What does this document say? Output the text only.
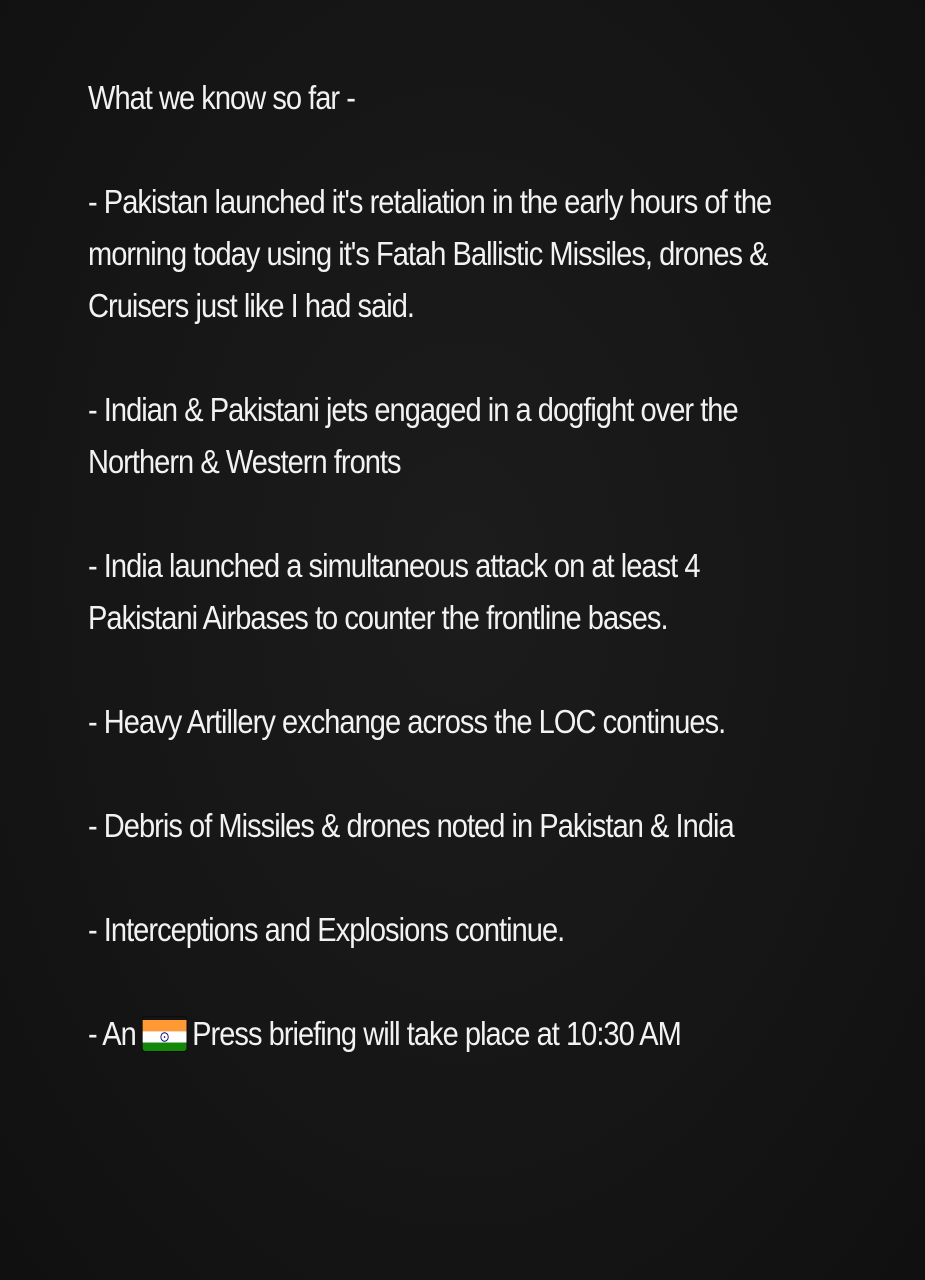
What we know so far -

- Pakistan launched it's retaliation in the early hours of the morning today using it's Fatah Ballistic Missiles, drones & Cruisers just like I had said.

- Indian & Pakistani jets engaged in a dogfight over the Northern & Western fronts

- India launched a simultaneous attack on at least 4 Pakistani Airbases to counter the frontline bases.

- Heavy Artillery exchange across the LOC continues.

- Debris of Missiles & drones noted in Pakistan & India

- Interceptions and Explosions continue.

- An Press briefing will take place at 10:30 AM
